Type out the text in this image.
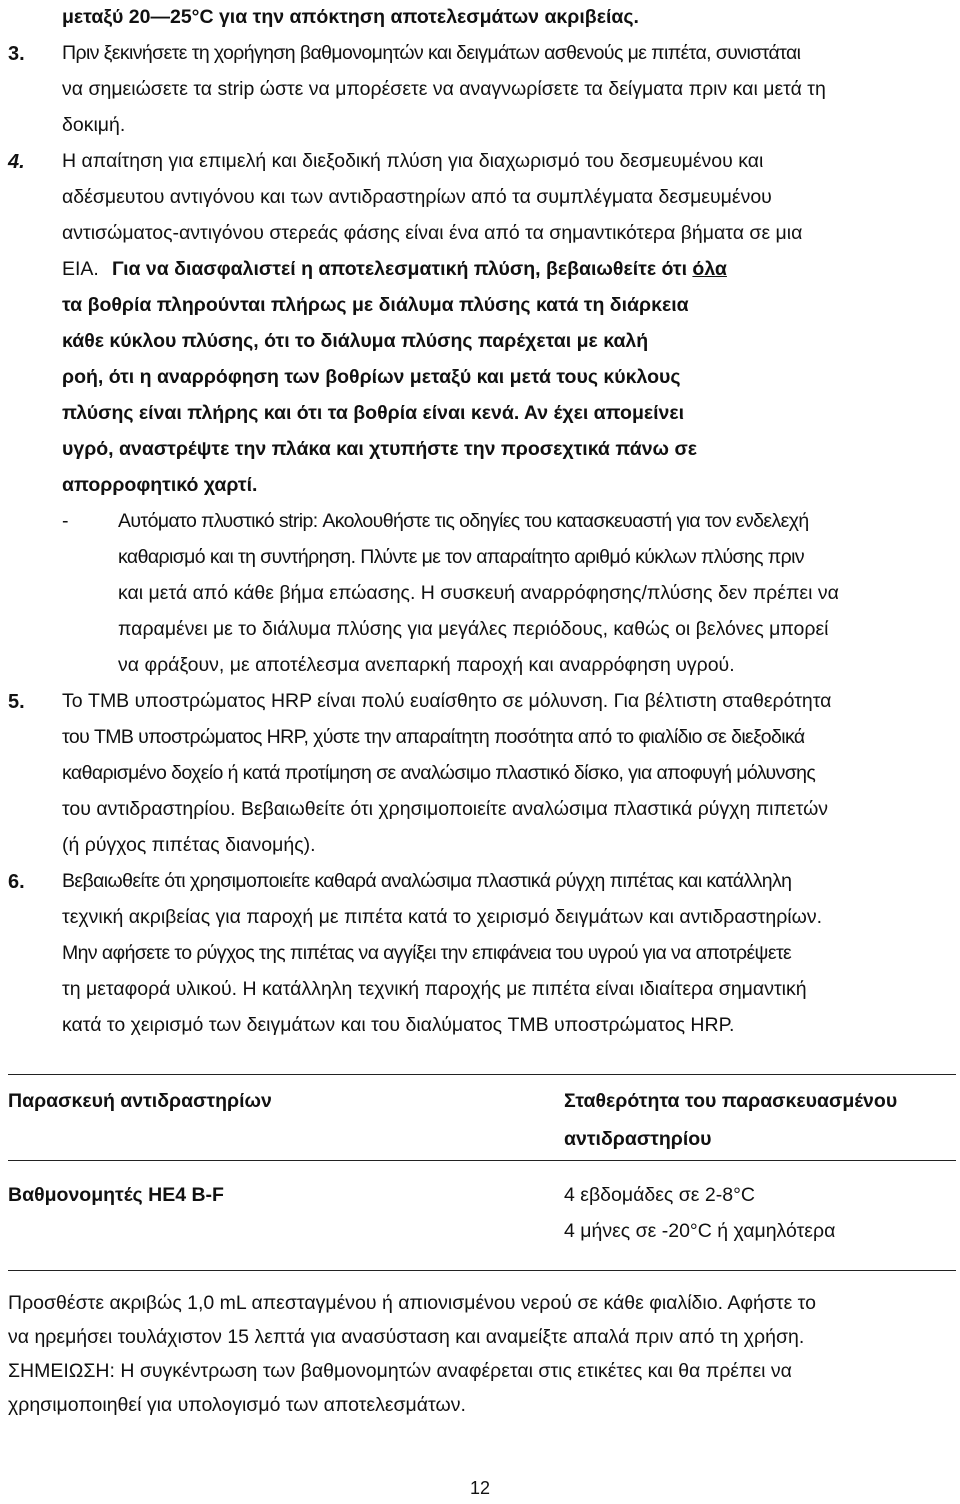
μεταξύ 20—25°C για την απόκτηση αποτελεσμάτων ακριβείας.
3. Πριν ξεκινήσετε τη χορήγηση βαθμονομητών και δειγμάτων ασθενούς με πιπέτα, συνιστάται
να σημειώσετε τα strip ώστε να μπορέσετε να αναγνωρίσετε τα δείγματα πριν και μετά τη
δοκιμή.
4. Η απαίτηση για επιμελή και διεξοδική πλύση για διαχωρισμό του δεσμευμένου και
αδέσμευτου αντιγόνου και των αντιδραστηρίων από τα συμπλέγματα δεσμευμένου
αντισώματος-αντιγόνου στερεάς φάσης είναι ένα από τα σημαντικότερα βήματα σε μια
EIA. Για να διασφαλιστεί η αποτελεσματική πλύση, βεβαιωθείτε ότι όλα
τα βοθρία πληρούνται πλήρως με διάλυμα πλύσης κατά τη διάρκεια
κάθε κύκλου πλύσης, ότι το διάλυμα πλύσης παρέχεται με καλή
ροή, ότι η αναρρόφηση των βοθρίων μεταξύ και μετά τους κύκλους
πλύσης είναι πλήρης και ότι τα βοθρία είναι κενά. Αν έχει απομείνει
υγρό, αναστρέψτε την πλάκα και χτυπήστε την προσεχτικά πάνω σε
απορροφητικό χαρτί.
-	Αυτόματο πλυστικό strip: Ακολουθήστε τις οδηγίες του κατασκευαστή για τον ενδελεχή
καθαρισμό και τη συντήρηση. Πλύντε με τον απαραίτητο αριθμό κύκλων πλύσης πριν
και μετά από κάθε βήμα επώασης. Η συσκευή αναρρόφησης/πλύσης δεν πρέπει να
παραμένει με το διάλυμα πλύσης για μεγάλες περιόδους, καθώς οι βελόνες μπορεί
να φράξουν, με αποτέλεσμα ανεπαρκή παροχή και αναρρόφηση υγρού.
5. Το TMB υποστρώματος HRP είναι πολύ ευαίσθητο σε μόλυνση. Για βέλτιστη σταθερότητα
του TMB υποστρώματος HRP, χύστε την απαραίτητη ποσότητα από το φιαλίδιο σε διεξοδικά
καθαρισμένο δοχείο ή κατά προτίμηση σε αναλώσιμο πλαστικό δίσκο, για αποφυγή μόλυνσης
του αντιδραστηρίου. Βεβαιωθείτε ότι χρησιμοποιείτε αναλώσιμα πλαστικά ρύγχη πιπετών
(ή ρύγχος πιπέτας διανομής).
6. Βεβαιωθείτε ότι χρησιμοποιείτε καθαρά αναλώσιμα πλαστικά ρύγχη πιπέτας και κατάλληλη
τεχνική ακριβείας για παροχή με πιπέτα κατά το χειρισμό δειγμάτων και αντιδραστηρίων.
Μην αφήσετε το ρύγχος της πιπέτας να αγγίξει την επιφάνεια του υγρού για να αποτρέψετε
τη μεταφορά υλικού. Η κατάλληλη τεχνική παροχής με πιπέτα είναι ιδιαίτερα σημαντική
κατά το χειρισμό των δειγμάτων και του διαλύματος TMB υποστρώματος HRP.
Παρασκευή αντιδραστηρίων	Σταθερότητα του παρασκευασμένου
αντιδραστηρίου
Βαθμονομητές HE4 B-F	4 εβδομάδες σε 2-8°C
4 μήνες σε -20°C ή χαμηλότερα
Προσθέστε ακριβώς 1,0 mL απεσταγμένου ή απιονισμένου νερού σε κάθε φιαλίδιο. Αφήστε το
να ηρεμήσει τουλάχιστον 15 λεπτά για ανασύσταση και αναμείξτε απαλά πριν από τη χρήση.
ΣΗΜΕΙΩΣΗ: Η συγκέντρωση των βαθμονομητών αναφέρεται στις ετικέτες και θα πρέπει να
χρησιμοποιηθεί για υπολογισμό των αποτελεσμάτων.
12
